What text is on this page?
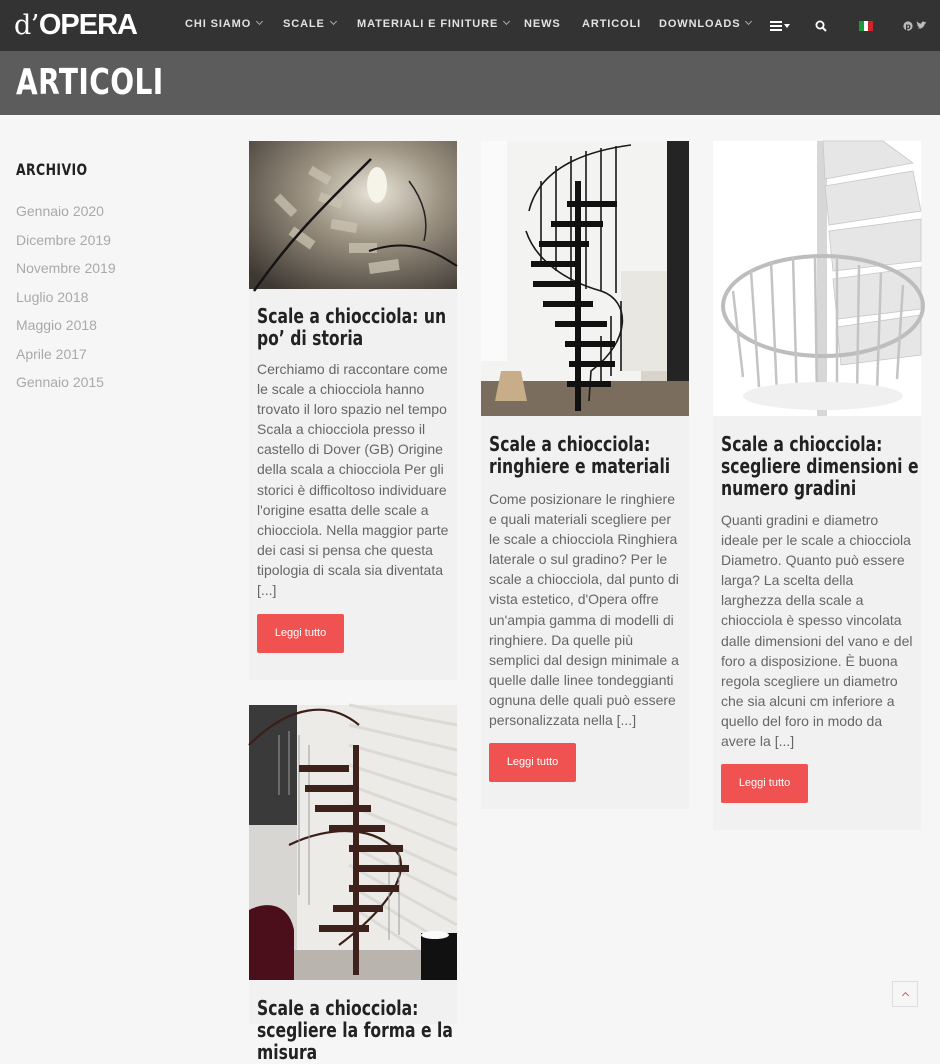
d’OPERA	CHI SIAMO	SCALE	MATERIALI E FINITURE	NEWS ARTICOLI DOWNLOADS	p
ARTICOLI
ARCHIVIO
Gennaio 2020
Dicembre 2019
Novembre 2019
Luglio 2018
Maggio 2018
Aprile 2017
Gennaio 2015
Scale a chiocciola: un po’ di storia

Cerchiamo di raccontare come le scale a chiocciola hanno trovato il loro spazio nel tempo Scala a chiocciola presso il castello di Dover (GB) Origine della scala a chiocciola Per gli storici è difficoltoso individuare l'origine esatta delle scale a chiocciola. Nella maggior parte dei casi si pensa che questa tipologia di scala sia diventata [...]

Leggi tutto
Scale a chiocciola: ringhiere e materiali

Come posizionare le ringhiere e quali materiali scegliere per le scale a chiocciola Ringhiera laterale o sul gradino? Per le scale a chiocciola, dal punto di vista estetico, d'Opera offre un'ampia gamma di modelli di ringhiere. Da quelle più semplici dal design minimale a quelle dalle linee tondeggianti ognuna delle quali può essere personalizzata nella [...]

Leggi tutto
Scale a chiocciola: scegliere dimensioni e numero gradini

Quanti gradini e diametro ideale per le scale a chiocciola Diametro. Quanto può essere larga? La scelta della larghezza della scale a chiocciola è spesso vincolata dalle dimensioni del vano e del foro a disposizione. È buona regola scegliere un diametro che sia alcuni cm inferiore a quello del foro in modo da avere la [...]

Leggi tutto
Scale a chiocciola: scegliere la forma e la misura
